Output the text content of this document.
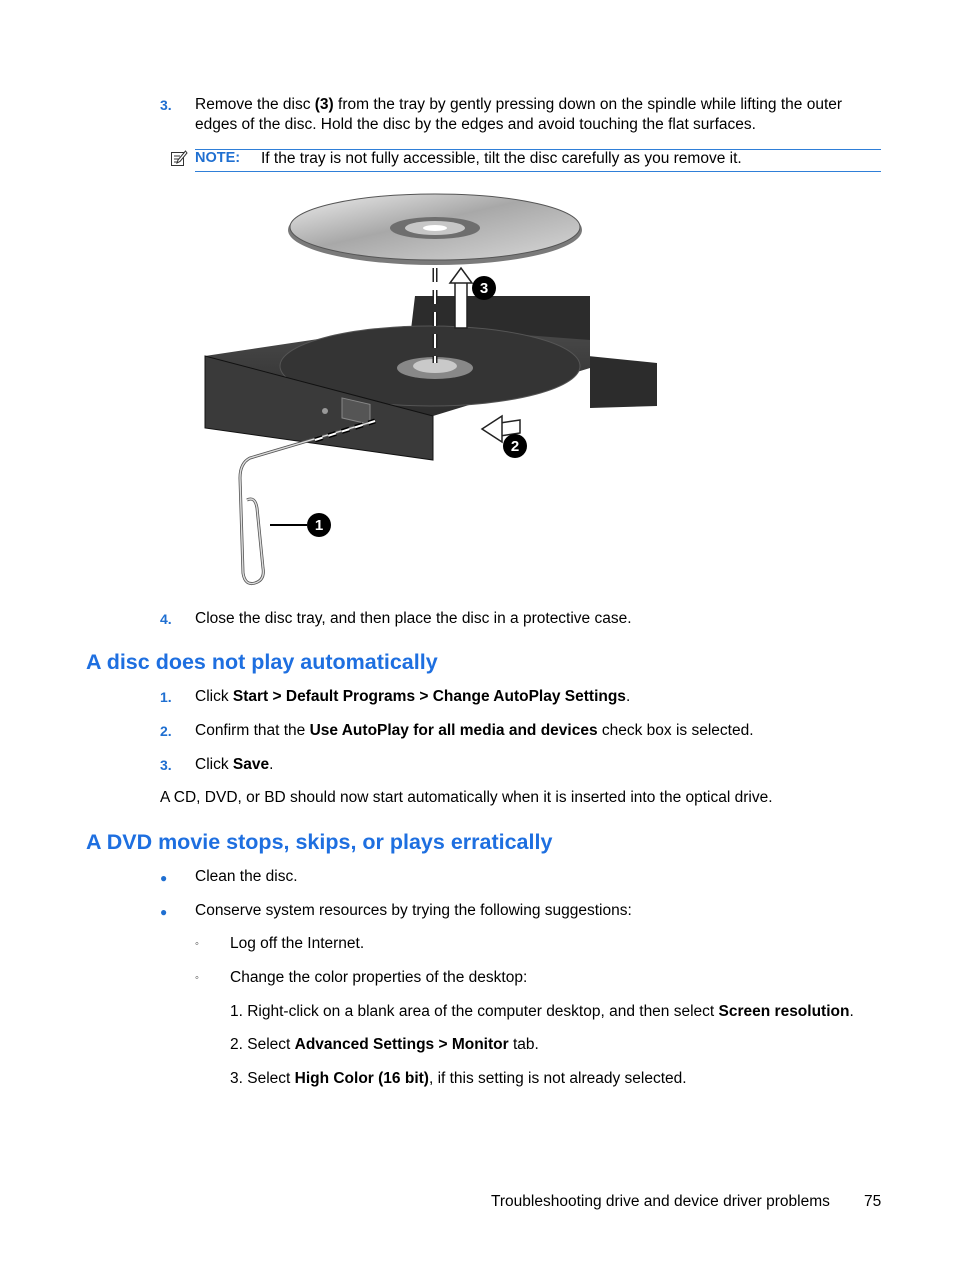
3. Remove the disc (3) from the tray by gently pressing down on the spindle while lifting the outer
edges of the disc. Hold the disc by the edges and avoid touching the flat surfaces.
NOTE: If the tray is not fully accessible, tilt the disc carefully as you remove it.
1
2
3
4. Close the disc tray, and then place the disc in a protective case.
A disc does not play automatically
1. Click Start > Default Programs > Change AutoPlay Settings.
2. Confirm that the Use AutoPlay for all media and devices check box is selected.
3. Click Save.
A CD, DVD, or BD should now start automatically when it is inserted into the optical drive.
A DVD movie stops, skips, or plays erratically
● Clean the disc.
● Conserve system resources by trying the following suggestions:
◦ Log off the Internet.
◦ Change the color properties of the desktop:
1. Right-click on a blank area of the computer desktop, and then select Screen resolution.
2. Select Advanced Settings > Monitor tab.
3. Select High Color (16 bit), if this setting is not already selected.
Troubleshooting drive and device driver problems 75
